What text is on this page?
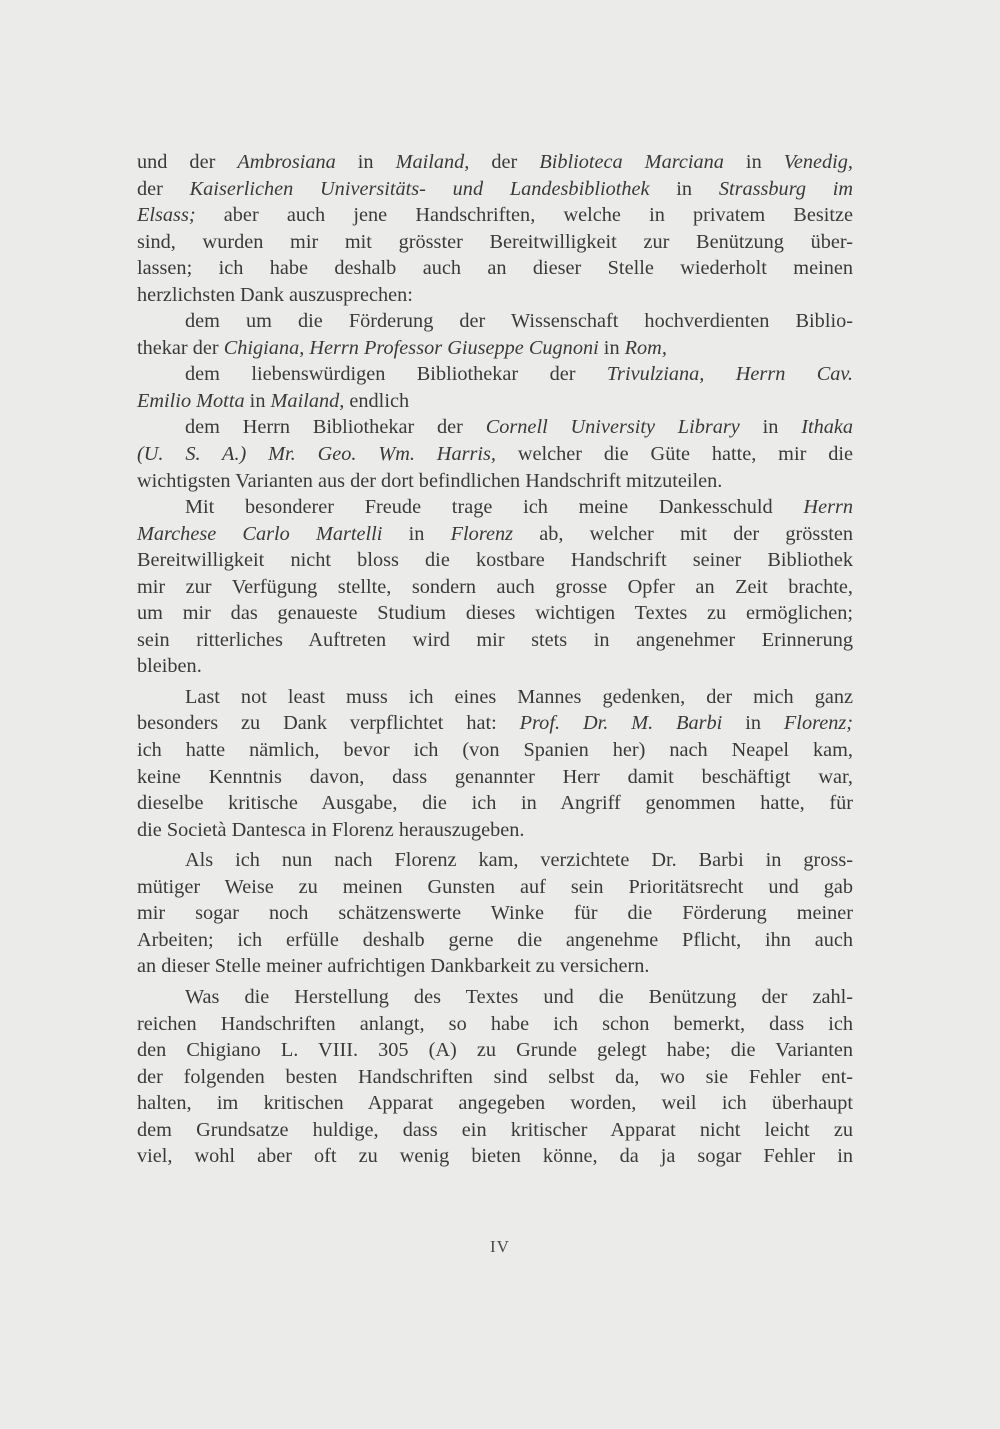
und der Ambrosiana in Mailand, der Biblioteca Marciana in Venedig,
der Kaiserlichen Universitäts- und Landesbibliothek in Strassburg im
Elsass; aber auch jene Handschriften, welche in privatem Besitze
sind, wurden mir mit grösster Bereitwilligkeit zur Benützung über-
lassen; ich habe deshalb auch an dieser Stelle wiederholt meinen
herzlichsten Dank auszusprechen:
dem um die Förderung der Wissenschaft hochverdienten Biblio-
thekar der Chigiana, Herrn Professor Giuseppe Cugnoni in Rom,
dem liebenswürdigen Bibliothekar der Trivulziana, Herrn Cav.
Emilio Motta in Mailand, endlich
dem Herrn Bibliothekar der Cornell University Library in Ithaka
(U. S. A.) Mr. Geo. Wm. Harris, welcher die Güte hatte, mir die
wichtigsten Varianten aus der dort befindlichen Handschrift mitzuteilen.
Mit besonderer Freude trage ich meine Dankesschuld Herrn
Marchese Carlo Martelli in Florenz ab, welcher mit der grössten
Bereitwilligkeit nicht bloss die kostbare Handschrift seiner Bibliothek
mir zur Verfügung stellte, sondern auch grosse Opfer an Zeit brachte,
um mir das genaueste Studium dieses wichtigen Textes zu ermöglichen;
sein ritterliches Auftreten wird mir stets in angenehmer Erinnerung
bleiben.
Last not least muss ich eines Mannes gedenken, der mich ganz
besonders zu Dank verpflichtet hat: Prof. Dr. M. Barbi in Florenz;
ich hatte nämlich, bevor ich (von Spanien her) nach Neapel kam,
keine Kenntnis davon, dass genannter Herr damit beschäftigt war,
dieselbe kritische Ausgabe, die ich in Angriff genommen hatte, für
die Società Dantesca in Florenz herauszugeben.
Als ich nun nach Florenz kam, verzichtete Dr. Barbi in gross-
mütiger Weise zu meinen Gunsten auf sein Prioritätsrecht und gab
mir sogar noch schätzenswerte Winke für die Förderung meiner
Arbeiten; ich erfülle deshalb gerne die angenehme Pflicht, ihn auch
an dieser Stelle meiner aufrichtigen Dankbarkeit zu versichern.
Was die Herstellung des Textes und die Benützung der zahl-
reichen Handschriften anlangt, so habe ich schon bemerkt, dass ich
den Chigiano L. VIII. 305 (A) zu Grunde gelegt habe; die Varianten
der folgenden besten Handschriften sind selbst da, wo sie Fehler ent-
halten, im kritischen Apparat angegeben worden, weil ich überhaupt
dem Grundsatze huldige, dass ein kritischer Apparat nicht leicht zu
viel, wohl aber oft zu wenig bieten könne, da ja sogar Fehler in
IV
